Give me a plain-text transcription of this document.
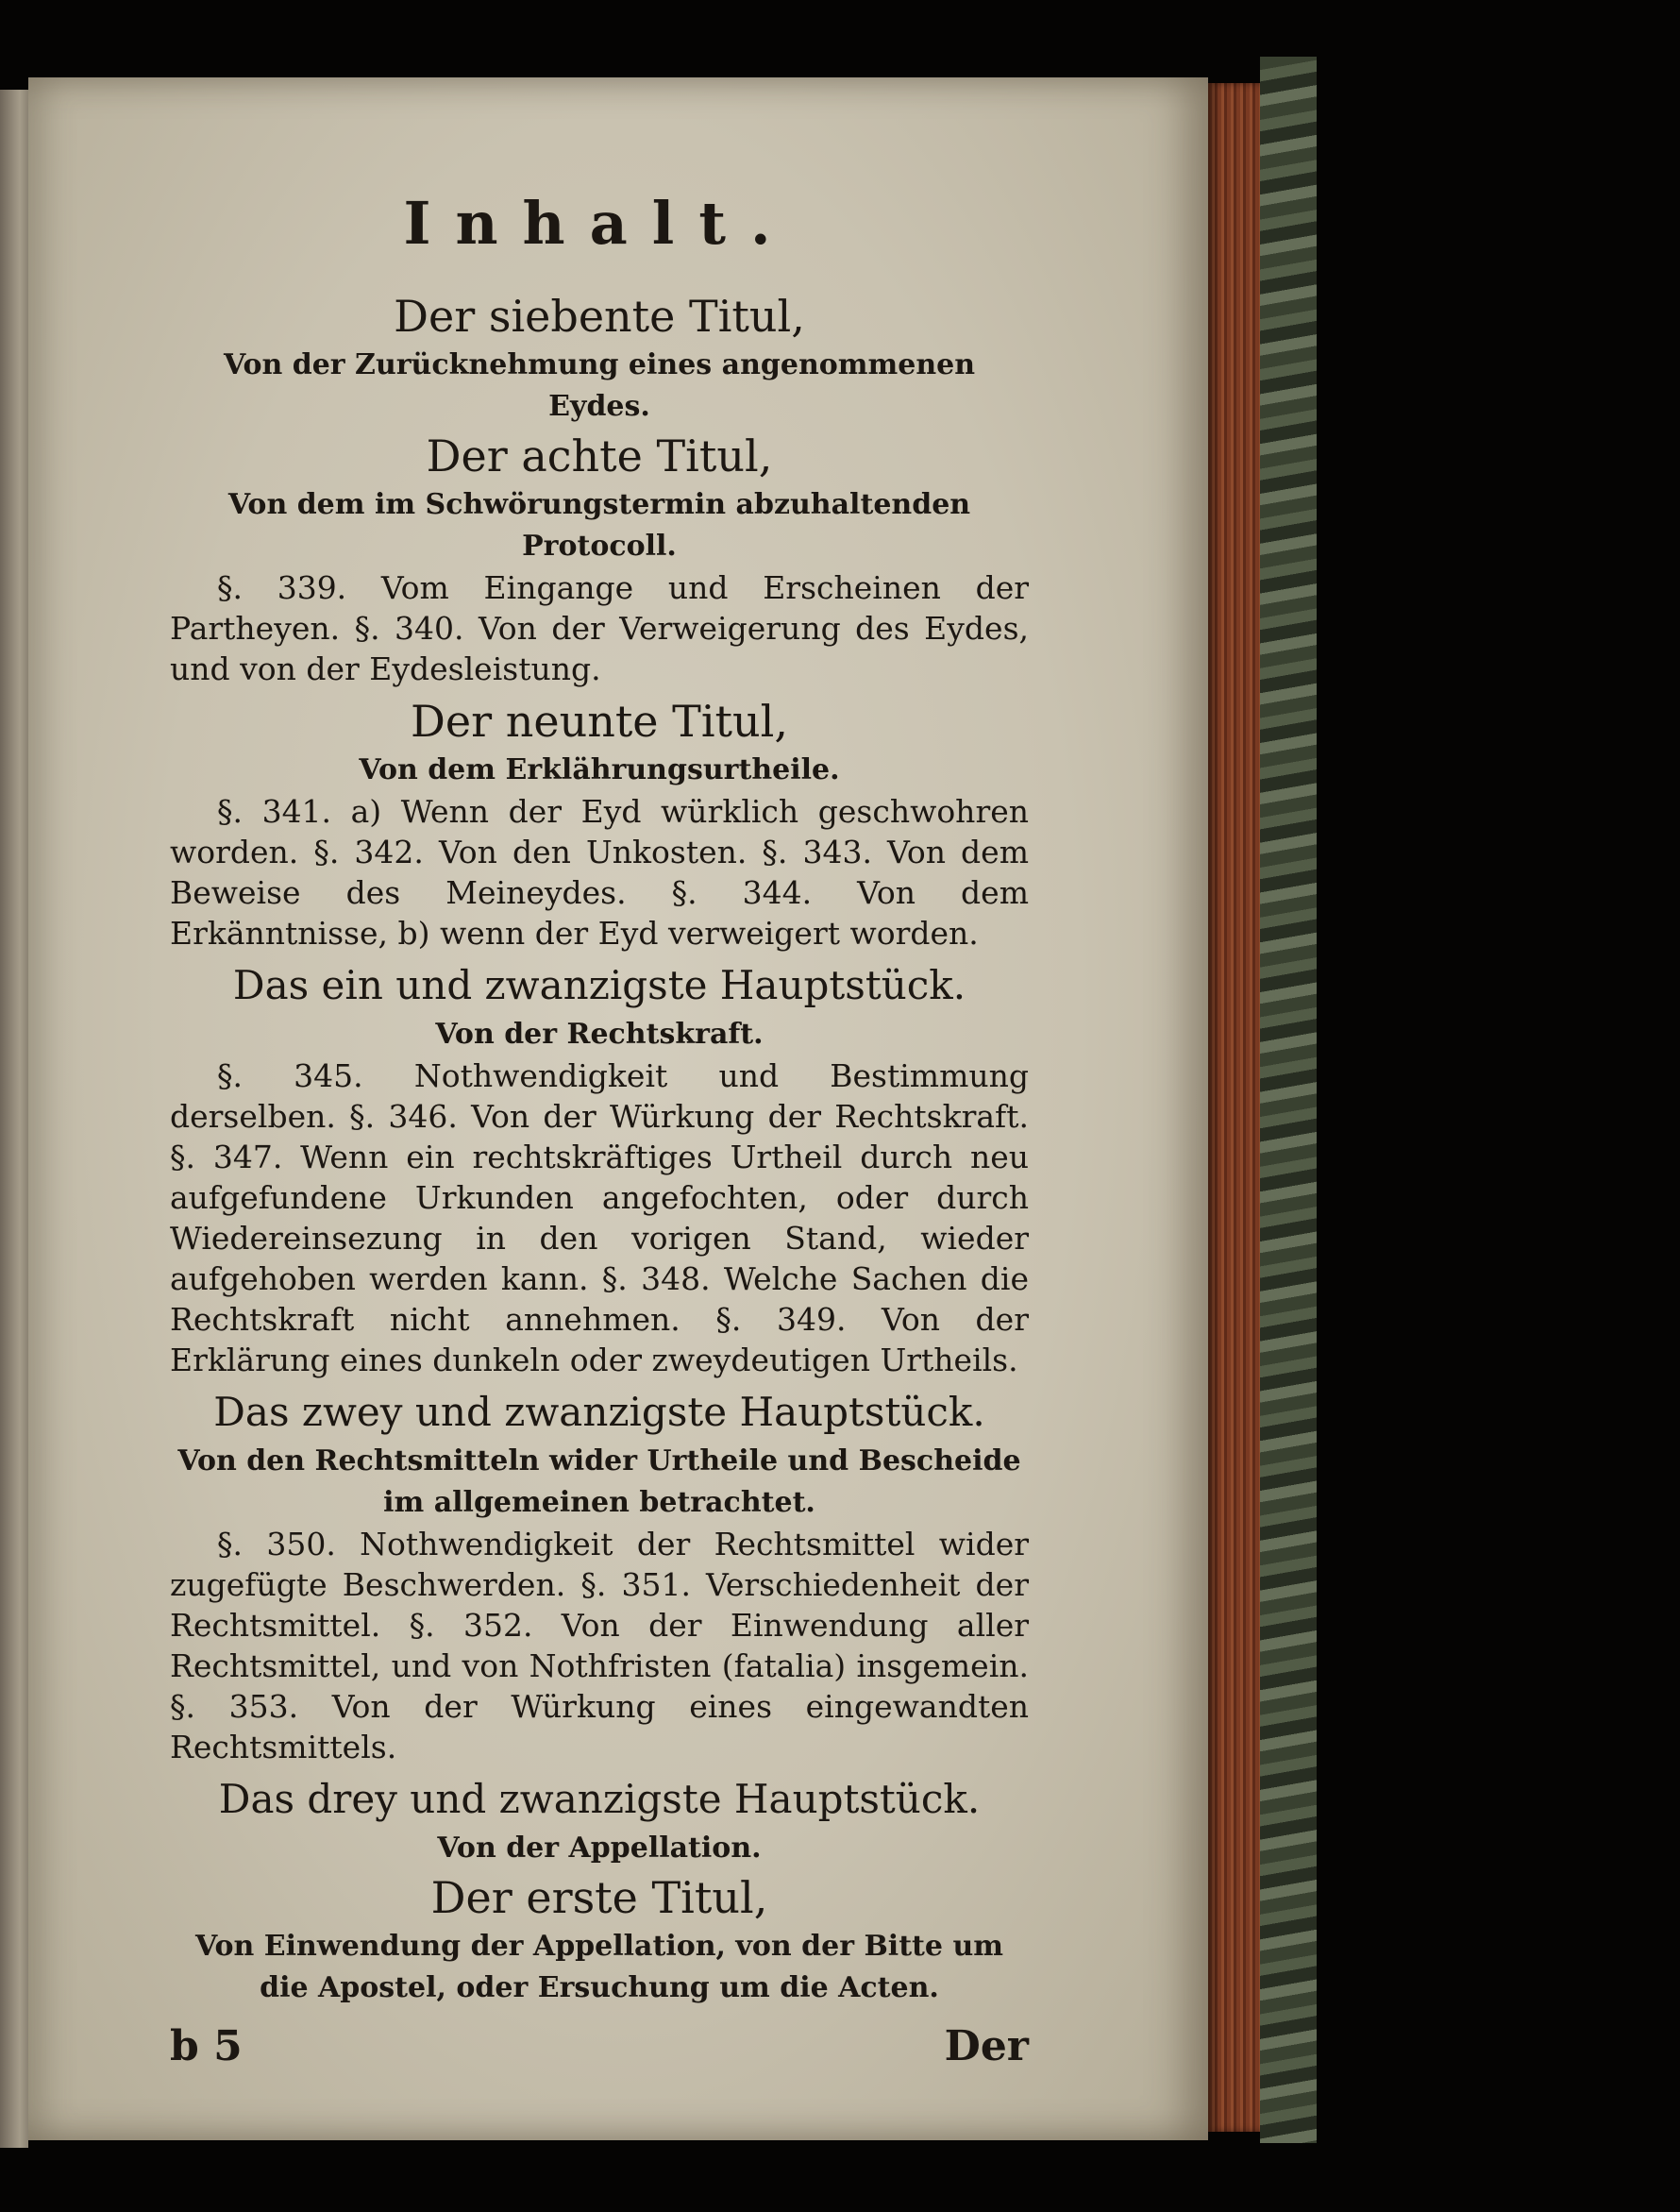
Inhalt.

Der siebente Titul,

Von der Zurücknehmung eines angenommenen Eydes.

Der achte Titul,

Von dem im Schwörungstermin abzuhaltenden Protocoll.

§. 339. Vom Eingange und Erscheinen der Partheyen. §. 340. Von der Verweigerung des Eydes, und von der Eydesleistung.

Der neunte Titul,

Von dem Erklährungsurtheile.

§. 341. a) Wenn der Eyd würklich geschwohren worden. §. 342. Von den Unkosten. §. 343. Von dem Beweise des Meineydes. §. 344. Von dem Erkänntnisse, b) wenn der Eyd verweigert worden.

Das ein und zwanzigste Hauptstück.

Von der Rechtskraft.

§. 345. Nothwendigkeit und Bestimmung derselben. §. 346. Von der Würkung der Rechtskraft. §. 347. Wenn ein rechtskräftiges Urtheil durch neu aufgefundene Urkunden angefochten, oder durch Wiedereinsezung in den vorigen Stand, wieder aufgehoben werden kann. §. 348. Welche Sachen die Rechtskraft nicht annehmen. §. 349. Von der Erklärung eines dunkeln oder zweydeutigen Urtheils.

Das zwey und zwanzigste Hauptstück.

Von den Rechtsmitteln wider Urtheile und Bescheide im allgemeinen betrachtet.

§. 350. Nothwendigkeit der Rechtsmittel wider zugefügte Beschwerden. §. 351. Verschiedenheit der Rechtsmittel. §. 352. Von der Einwendung aller Rechtsmittel, und von Nothfristen (fatalia) insgemein. §. 353. Von der Würkung eines eingewandten Rechtsmittels.

Das drey und zwanzigste Hauptstück.

Von der Appellation.

Der erste Titul,

Von Einwendung der Appellation, von der Bitte um die Apostel, oder Ersuchung um die Acten.

b 5	Der
